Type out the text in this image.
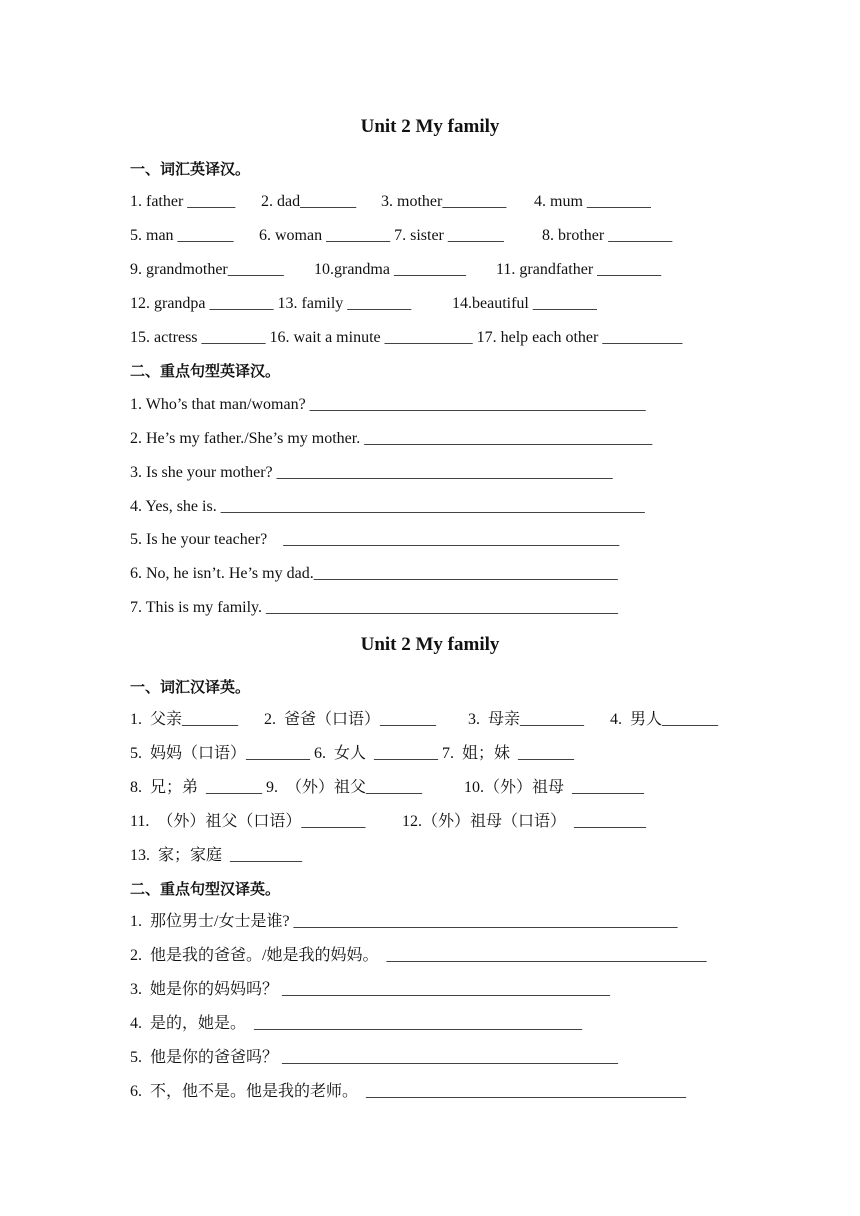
Unit 2 My family
一、词汇英译汉。

1. father ______

2. dad_______

3. mother________

4. mum ________

5. man _______

6. woman ________ 7. sister _______

8. brother ________

9. grandmother_______

10.grandma _________

11. grandfather ________

12. grandpa ________ 13. family ________

	14.beautiful ________

15. actress ________ 16. wait a minute ___________ 17. help each other __________

二、重点句型英译汉。
1. Who’s that man/woman? __________________________________________
2. He’s my father./She’s my mother. ____________________________________
3. Is she your mother? __________________________________________
4. Yes, she is. _____________________________________________________
5. Is he your teacher?    __________________________________________
6. No, he isn’t. He’s my dad.______________________________________
7. This is my family. ____________________________________________
Unit 2 My family
一、词汇汉译英。

1.  父亲_______

2.  爸爸（口语）_______

3.  母亲________

4.  男人_______

5.  妈妈（口语）________ 6.  女人  ________ 7.  姐；妹  _______

8.  兄；弟  _______ 9.  （外）祖父_______

	10.（外）祖母  _________

11.  （外）祖父（口语）________

12.（外）祖母（口语）  _________

13.  家；家庭  _________

二、重点句型汉译英。
1.  那位男士/女士是谁? ________________________________________________
2.  他是我的爸爸。/她是我的妈妈。  ________________________________________
3.  她是你的妈妈吗？ _________________________________________
4.  是的，她是。  _________________________________________
5.  他是你的爸爸吗？ __________________________________________
6.  不，他不是。他是我的老师。  ________________________________________
